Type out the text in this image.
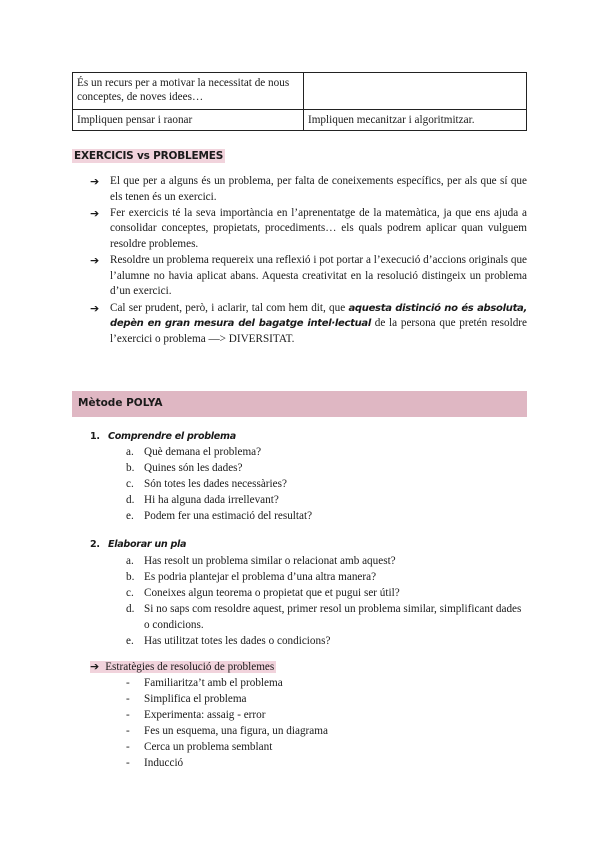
És un recurs per a motivar la necessitat de nous conceptes, de noves idees…	
Impliquen pensar i raonar	Impliquen mecanitzar i algoritmitzar.
EXERCICIS vs PROBLEMES
➔ El que per a alguns és un problema, per falta de coneixements específics, per als que sí que els tenen és un exercici.
➔ Fer exercicis té la seva importància en l’aprenentatge de la matemàtica, ja que ens ajuda a consolidar conceptes, propietats, procediments… els quals podrem aplicar quan vulguem resoldre problemes.
➔ Resoldre un problema requereix una reflexió i pot portar a l’execució d’accions originals que l’alumne no havia aplicat abans. Aquesta creativitat en la resolució distingeix un problema d’un exercici.
➔ Cal ser prudent, però, i aclarir, tal com hem dit, que aquesta distinció no és absoluta, depèn en gran mesura del bagatge intel·lectual de la persona que pretén resoldre l’exercici o problema —> DIVERSITAT.
Mètode POLYA
1. Comprendre el problema
a. Què demana el problema?
b. Quines són les dades?
c. Són totes les dades necessàries?
d. Hi ha alguna dada irrellevant?
e. Podem fer una estimació del resultat?
2. Elaborar un pla
a. Has resolt un problema similar o relacionat amb aquest?
b. Es podria plantejar el problema d’una altra manera?
c. Coneixes algun teorema o propietat que et pugui ser útil?
d. Si no saps com resoldre aquest, primer resol un problema similar, simplificant dades o condicions.
e. Has utilitzat totes les dades o condicions?
➔ Estratègies de resolució de problemes
- Familiaritza’t amb el problema
- Simplifica el problema
- Experimenta: assaig - error
- Fes un esquema, una figura, un diagrama
- Cerca un problema semblant
- Inducció
